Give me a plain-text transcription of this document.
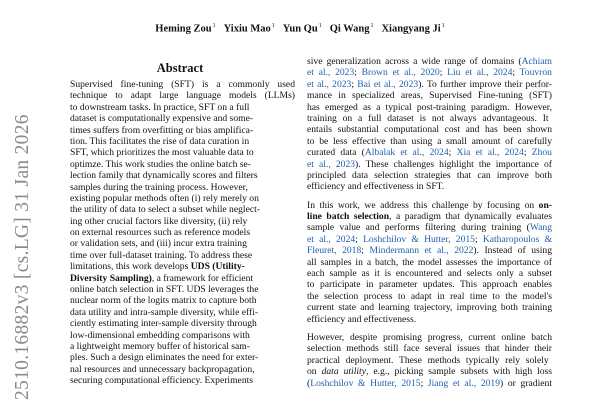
2510.16882v3 [cs.LG] 31 Jan 2026
Heming Zou$^1$ Yixiu Mao$^1$ Yun Qu$^1$ Qi Wang$^1$ Xiangyang Ji$^1$
Abstract
Supervised fine-tuning (SFT) is a commonly used
technique to adapt large language models (LLMs)
to downstream tasks. In practice, SFT on a full
dataset is computationally expensive and some-
times suffers from overfitting or bias amplifica-
tion. This facilitates the rise of data curation in
SFT, which prioritizes the most valuable data to
optimze. This work studies the online batch se-
lection family that dynamically scores and filters
samples during the training process. However,
existing popular methods often (i) rely merely on
the utility of data to select a subset while neglect-
ing other crucial factors like diversity, (ii) rely
on external resources such as reference models
or validation sets, and (iii) incur extra training
time over full-dataset training. To address these
limitations, this work develops UDS (Utility-
Diversity Sampling), a framework for efficient
online batch selection in SFT. UDS leverages the
nuclear norm of the logits matrix to capture both
data utility and intra-sample diversity, while effi-
ciently estimating inter-sample diversity through
low-dimensional embedding comparisons with
a lightweight memory buffer of historical sam-
ples. Such a design eliminates the need for exter-
nal resources and unnecessary backpropagation,
securing computational efficiency. Experiments
sive generalization across a wide range of domains (Achiam
et al., 2023; Brown et al., 2020; Liu et al., 2024; Touvron
et al., 2023; Bai et al., 2023). To further improve their perfor-
mance in specialized areas, Supervised Fine-tuning (SFT)
has emerged as a typical post-training paradigm. However,
training on a full dataset is not always advantageous. It
entails substantial computational cost and has been shown
to be less effective than using a small amount of carefully
curated data (Albalak et al., 2024; Xia et al., 2024; Zhou
et al., 2023). These challenges highlight the importance of
principled data selection strategies that can improve both
efficiency and effectiveness in SFT.
In this work, we address this challenge by focusing on on-
line batch selection, a paradigm that dynamically evaluates
sample value and performs filtering during training (Wang
et al., 2024; Loshchilov & Hutter, 2015; Katharopoulos &
Fleuret, 2018; Mindermann et al., 2022). Instead of using
all samples in a batch, the model assesses the importance of
each sample as it is encountered and selects only a subset
to participate in parameter updates. This approach enables
the selection process to adapt in real time to the model's
current state and learning trajectory, improving both training
efficiency and effectiveness.
However, despite promising progress, current online batch
selection methods still face several issues that hinder their
practical deployment. These methods typically rely solely
on data utility, e.g., picking sample subsets with high loss
(Loshchilov & Hutter, 2015; Jiang et al., 2019) or gradient
